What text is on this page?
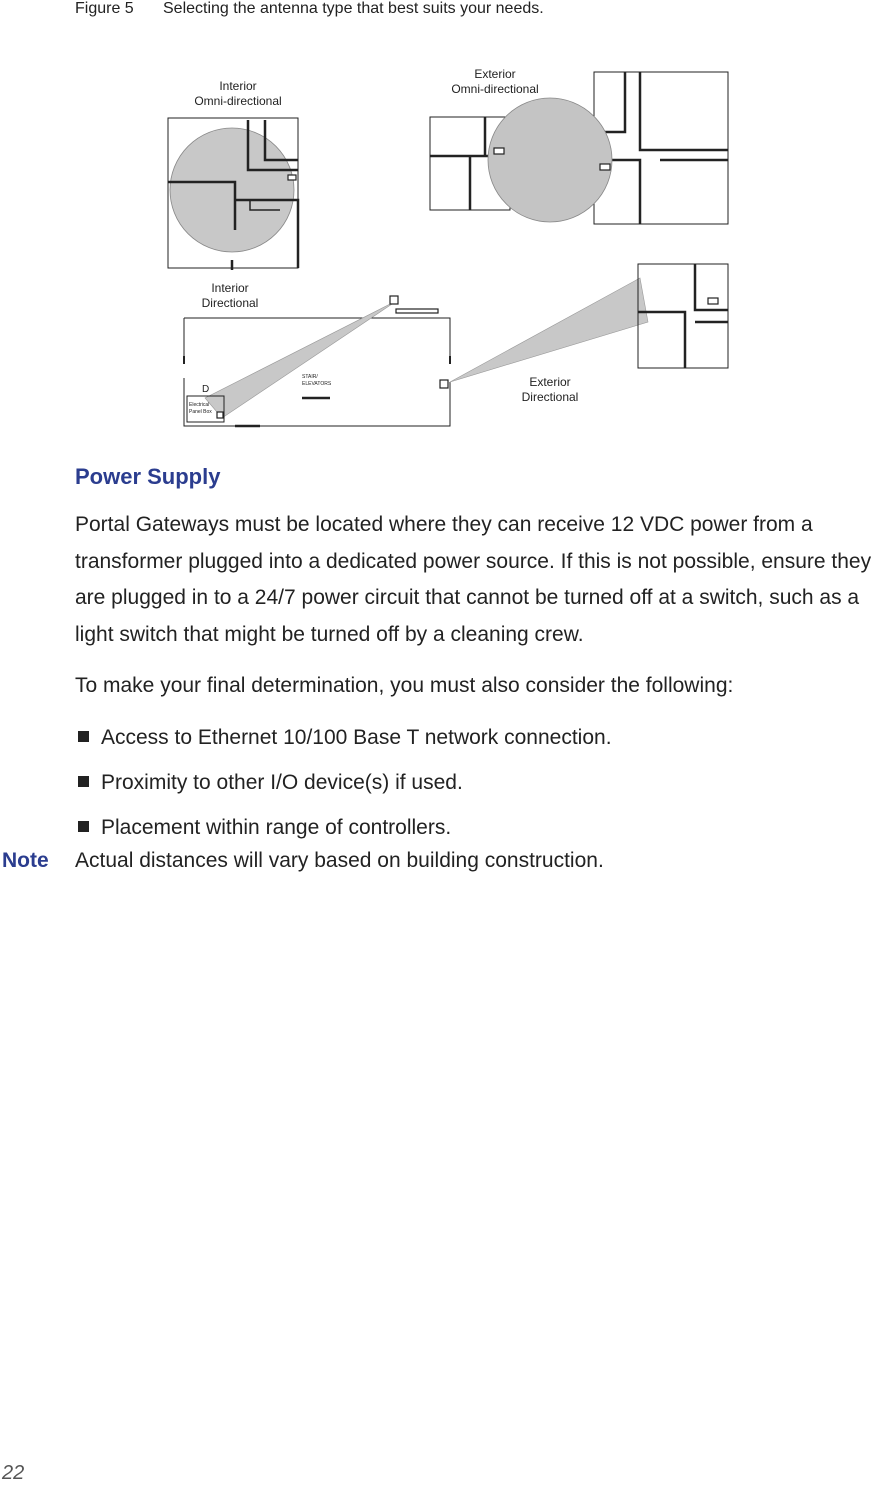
Figure 5 Selecting the antenna type that best suits your needs.
Interior
Omni-directional
Exterior
Omni-directional
Interior
Directional
Exterior
Directional
STAIR/
ELEVATORS
Electrical
Panel Box
D
Power Supply

Portal Gateways must be located where they can receive 12 VDC power from a transformer plugged into a dedicated power source. If this is not possible, ensure they are plugged in to a 24/7 power circuit that cannot be turned off at a switch, such as a light switch that might be turned off by a cleaning crew.

To make your final determination, you must also consider the following:

Access to Ethernet 10/100 Base T network connection.
Proximity to other I/O device(s) if used.
Placement within range of controllers.
Note Actual distances will vary based on building construction.
22
